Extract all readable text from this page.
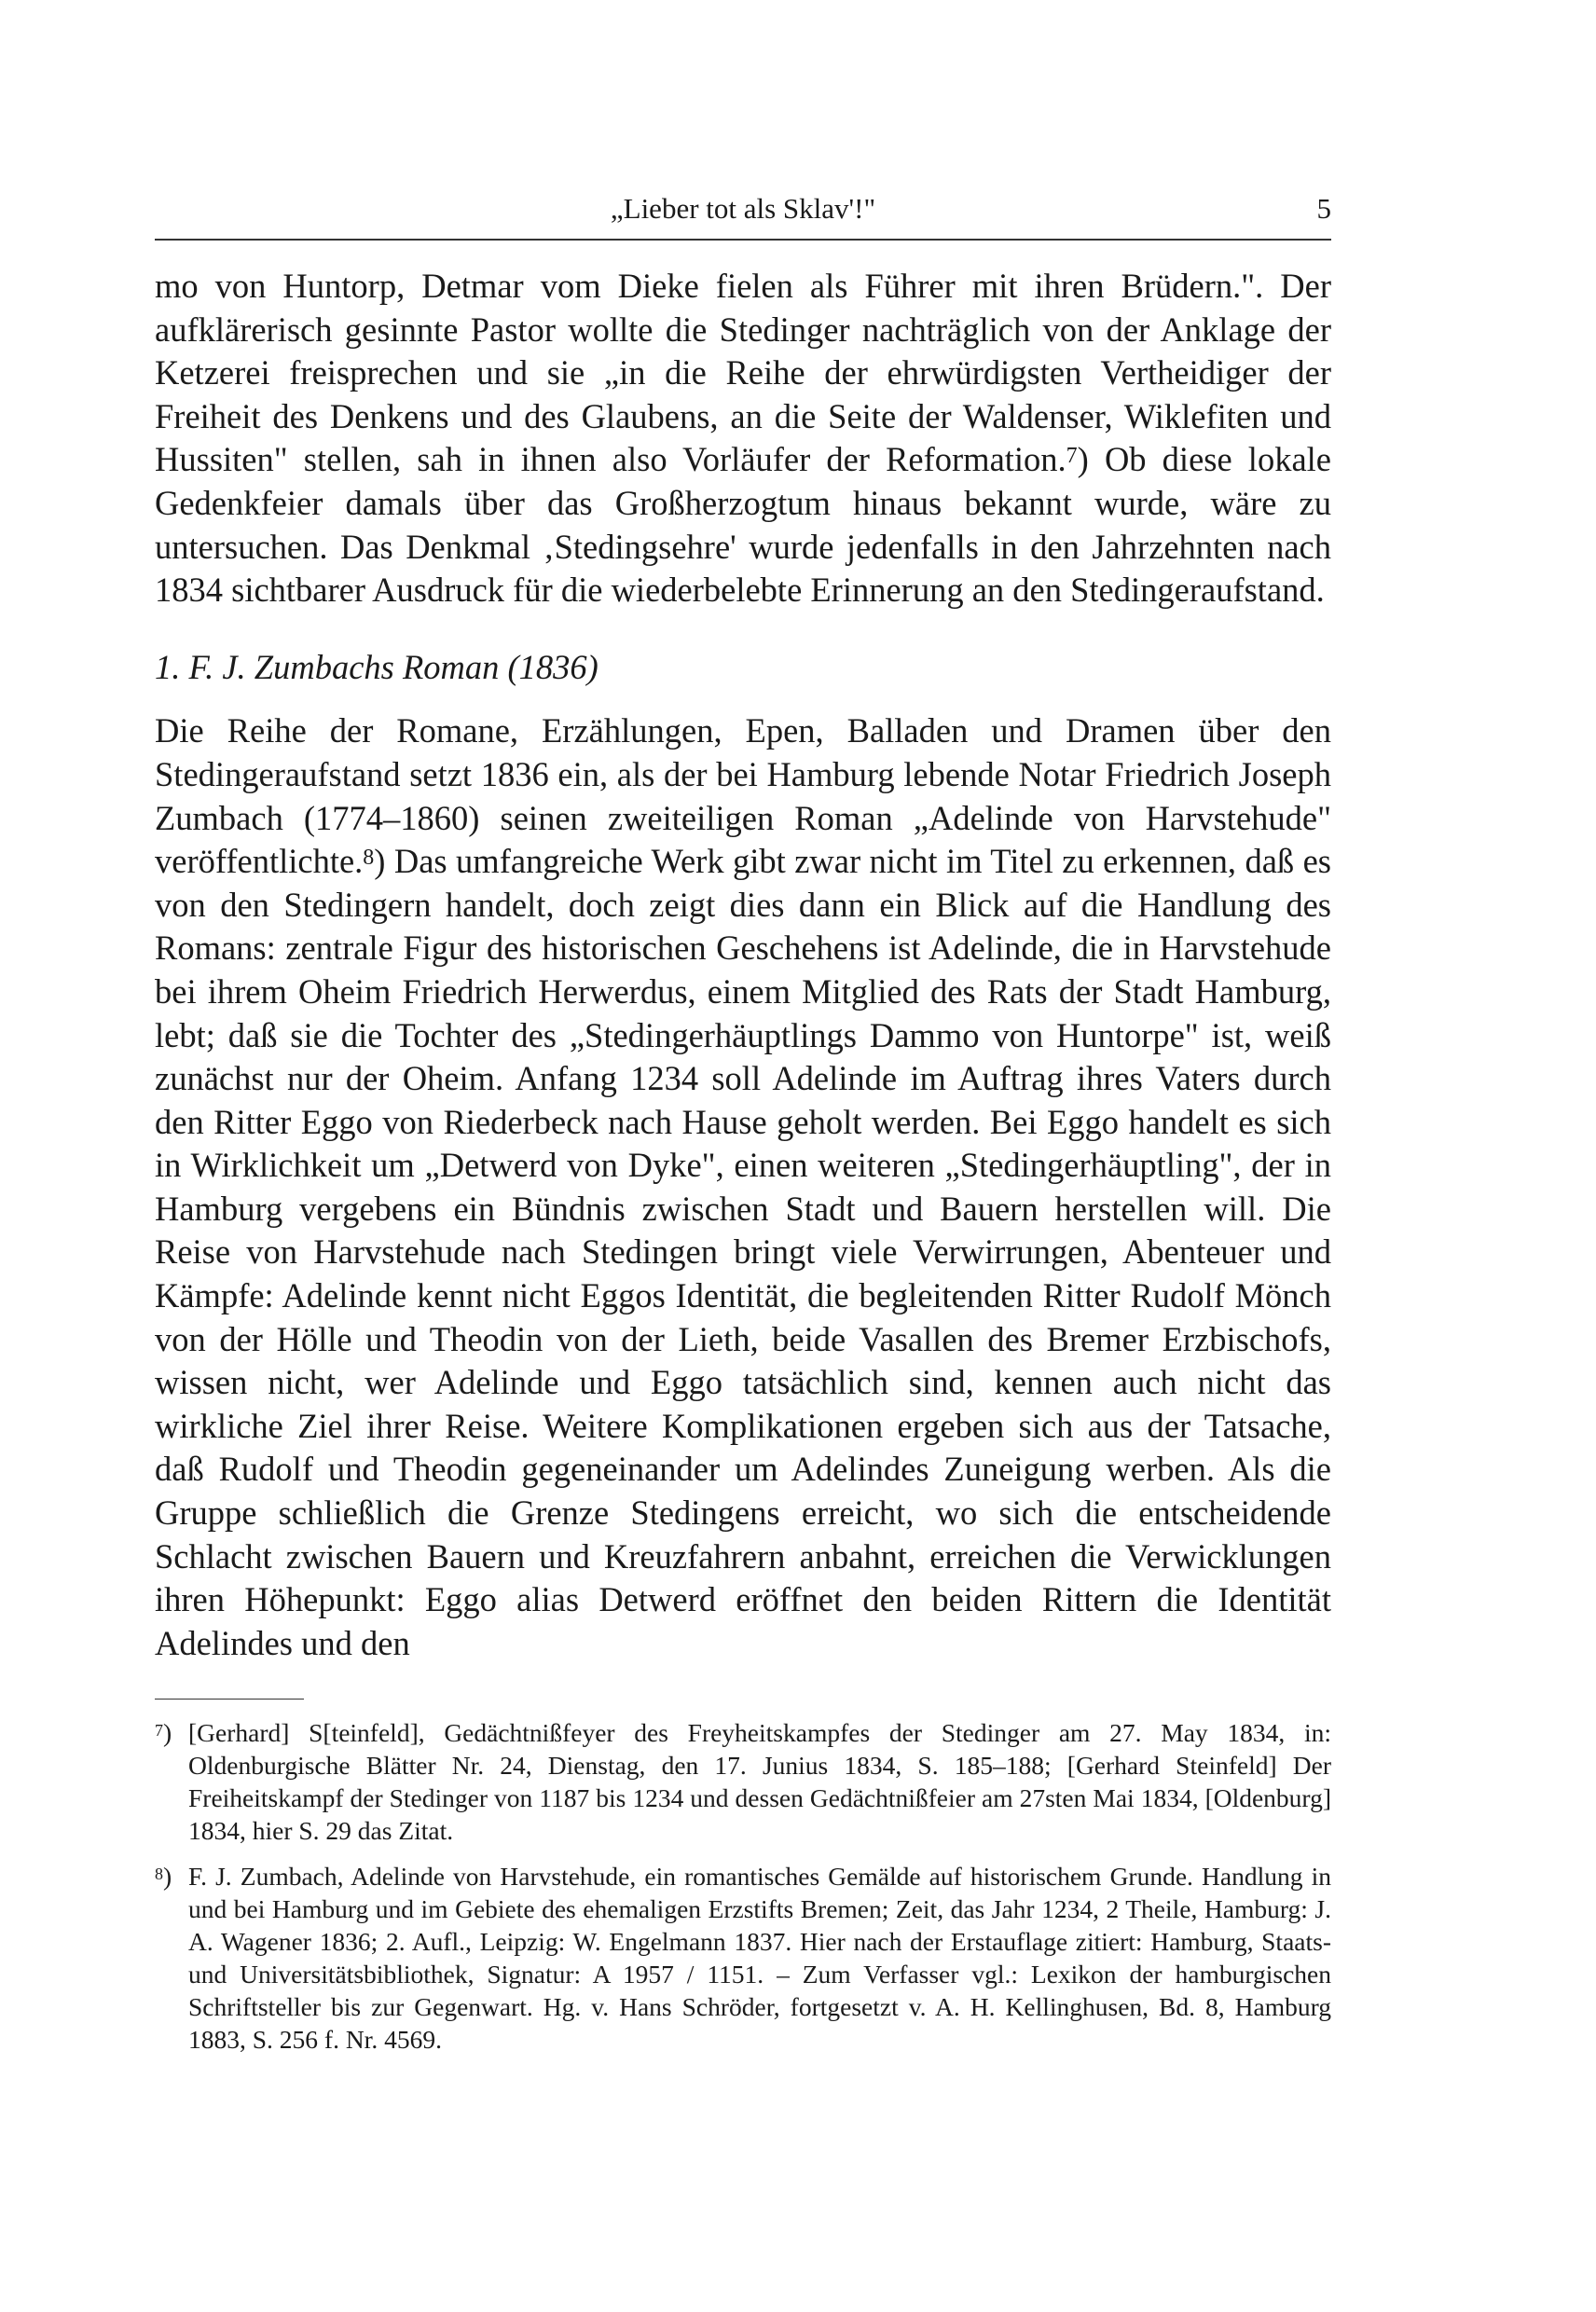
„Lieber tot als Sklav'!"	5

mo von Huntorp, Detmar vom Dieke fielen als Führer mit ihren Brüdern.". Der aufklärerisch gesinnte Pastor wollte die Stedinger nachträglich von der Anklage der Ketzerei freisprechen und sie „in die Reihe der ehrwürdigsten Vertheidiger der Freiheit des Denkens und des Glaubens, an die Seite der Waldenser, Wiklefiten und Hussiten" stellen, sah in ihnen also Vorläufer der Reformation.$^7$) Ob diese lokale Gedenkfeier damals über das Großherzogtum hinaus bekannt wurde, wäre zu untersuchen. Das Denkmal ‚Stedingsehre' wurde jedenfalls in den Jahrzehnten nach 1834 sichtbarer Ausdruck für die wiederbelebte Erinnerung an den Stedingeraufstand.

1. F. J. Zumbachs Roman (1836)

Die Reihe der Romane, Erzählungen, Epen, Balladen und Dramen über den Stedingeraufstand setzt 1836 ein, als der bei Hamburg lebende Notar Friedrich Joseph Zumbach (1774–1860) seinen zweiteiligen Roman „Adelinde von Harvstehude" veröffentlichte.$^8$) Das umfangreiche Werk gibt zwar nicht im Titel zu erkennen, daß es von den Stedingern handelt, doch zeigt dies dann ein Blick auf die Handlung des Romans: zentrale Figur des historischen Geschehens ist Adelinde, die in Harvstehude bei ihrem Oheim Friedrich Herwerdus, einem Mitglied des Rats der Stadt Hamburg, lebt; daß sie die Tochter des „Stedingerhäuptlings Dammo von Huntorpe" ist, weiß zunächst nur der Oheim. Anfang 1234 soll Adelinde im Auftrag ihres Vaters durch den Ritter Eggo von Riederbeck nach Hause geholt werden. Bei Eggo handelt es sich in Wirklichkeit um „Detwerd von Dyke", einen weiteren „Stedingerhäuptling", der in Hamburg vergebens ein Bündnis zwischen Stadt und Bauern herstellen will. Die Reise von Harvstehude nach Stedingen bringt viele Verwirrungen, Abenteuer und Kämpfe: Adelinde kennt nicht Eggos Identität, die begleitenden Ritter Rudolf Mönch von der Hölle und Theodin von der Lieth, beide Vasallen des Bremer Erzbischofs, wissen nicht, wer Adelinde und Eggo tatsächlich sind, kennen auch nicht das wirkliche Ziel ihrer Reise. Weitere Komplikationen ergeben sich aus der Tatsache, daß Rudolf und Theodin gegeneinander um Adelindes Zuneigung werben. Als die Gruppe schließlich die Grenze Stedingens erreicht, wo sich die entscheidende Schlacht zwischen Bauern und Kreuzfahrern anbahnt, erreichen die Verwicklungen ihren Höhepunkt: Eggo alias Detwerd eröffnet den beiden Rittern die Identität Adelindes und den

$^7$) [Gerhard] S[teinfeld], Gedächtnißfeyer des Freyheitskampfes der Stedinger am 27. May 1834, in: Oldenburgische Blätter Nr. 24, Dienstag, den 17. Junius 1834, S. 185–188; [Gerhard Steinfeld] Der Freiheitskampf der Stedinger von 1187 bis 1234 und dessen Gedächtnißfeier am 27sten Mai 1834, [Oldenburg] 1834, hier S. 29 das Zitat.
$^8$) F. J. Zumbach, Adelinde von Harvstehude, ein romantisches Gemälde auf historischem Grunde. Handlung in und bei Hamburg und im Gebiete des ehemaligen Erzstifts Bremen; Zeit, das Jahr 1234, 2 Theile, Hamburg: J. A. Wagener 1836; 2. Aufl., Leipzig: W. Engelmann 1837. Hier nach der Erstauflage zitiert: Hamburg, Staats- und Universitätsbibliothek, Signatur: A 1957 / 1151. – Zum Verfasser vgl.: Lexikon der hamburgischen Schriftsteller bis zur Gegenwart. Hg. v. Hans Schröder, fortgesetzt v. A. H. Kellinghusen, Bd. 8, Hamburg 1883, S. 256 f. Nr. 4569.
